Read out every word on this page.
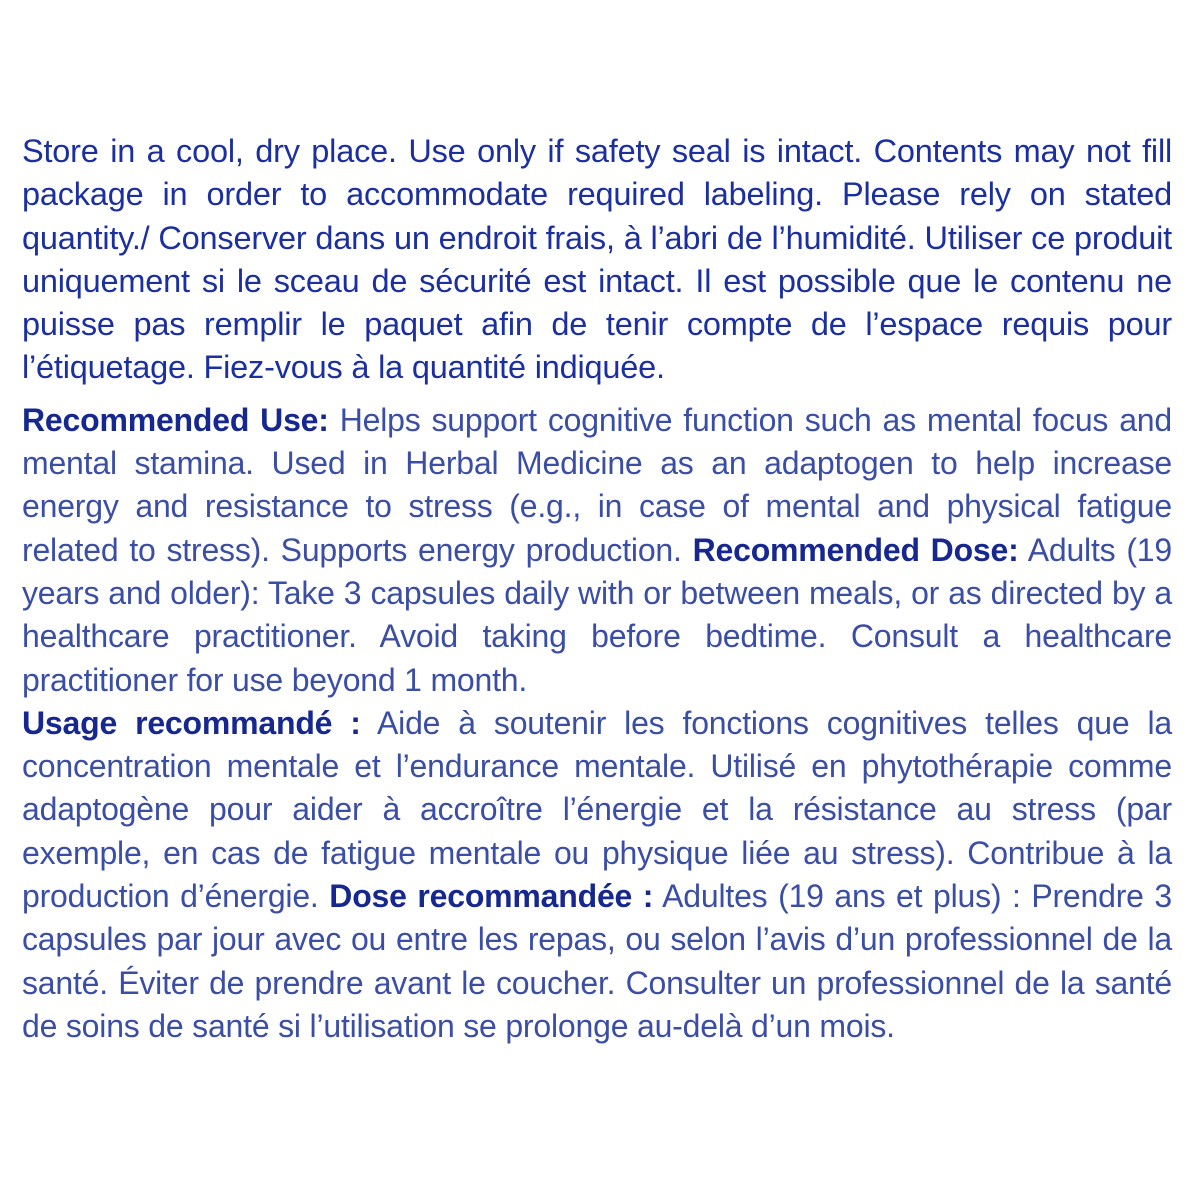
Store in a cool, dry place. Use only if safety seal is intact. Contents may not fill package in order to accommodate required labeling. Please rely on stated quantity./ Conserver dans un endroit frais, à l’abri de l’humidité. Utiliser ce produit uniquement si le sceau de sécurité est intact. Il est possible que le contenu ne puisse pas remplir le paquet afin de tenir compte de l’espace requis pour l’étiquetage. Fiez-vous à la quantité indiquée.

Recommended Use: Helps support cognitive function such as mental focus and mental stamina. Used in Herbal Medicine as an adaptogen to help increase energy and resistance to stress (e.g., in case of mental and physical fatigue related to stress). Supports energy production. Recommended Dose: Adults (19 years and older): Take 3 capsules daily with or between meals, or as directed by a healthcare practitioner. Avoid taking before bedtime. Consult a healthcare practitioner for use beyond 1 month.

Usage recommandé : Aide à soutenir les fonctions cognitives telles que la concentration mentale et l’endurance mentale. Utilisé en phytothérapie comme adaptogène pour aider à accroître l’énergie et la résistance au stress (par exemple, en cas de fatigue mentale ou physique liée au stress). Contribue à la production d’énergie. Dose recommandée : Adultes (19 ans et plus) : Prendre 3 capsules par jour avec ou entre les repas, ou selon l’avis d’un professionnel de la santé. Éviter de prendre avant le coucher. Consulter un professionnel de la santé de soins de santé si l’utilisation se prolonge au-delà d’un mois.
